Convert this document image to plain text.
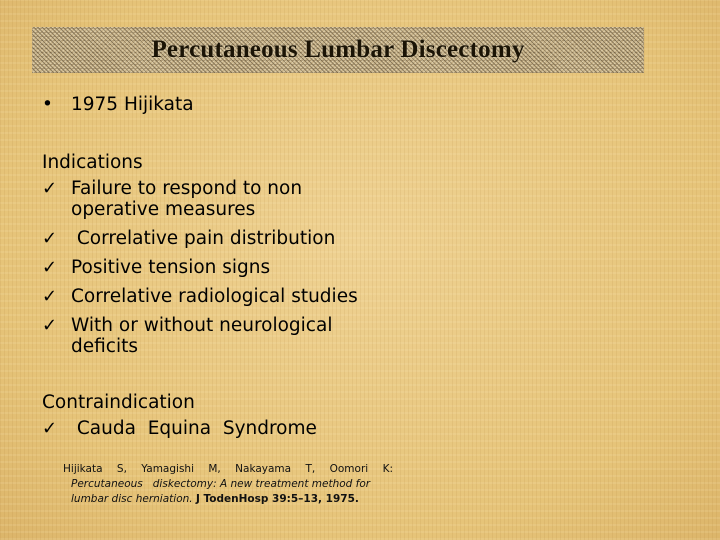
Percutaneous Lumbar Discectomy
• 1975 Hijikata
Indications
✓ Failure to respond to non
operative measures
✓ Correlative pain distribution
✓ Positive tension signs
✓ Correlative radiological studies
✓ With or without neurological
deficits
Contraindication
✓ Cauda  Equina  Syndrome
Hijikata S, Yamagishi M, Nakayama T, Oomori K:
Percutaneous   diskectomy: A new treatment method for
lumbar disc herniation. J TodenHosp 39:5–13, 1975.
